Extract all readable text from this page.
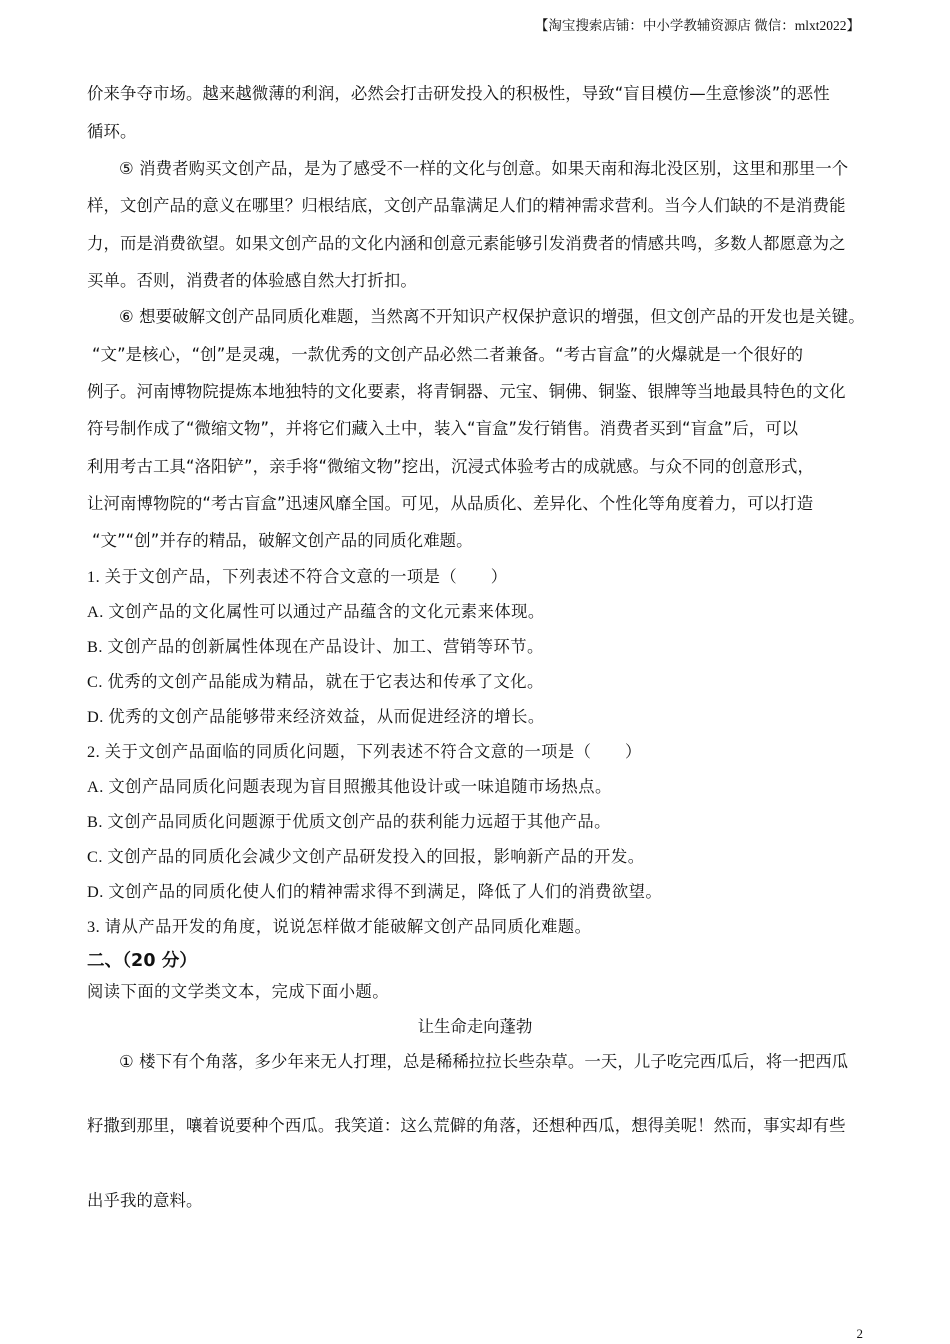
【淘宝搜索店铺：中小学教辅资源店 微信：mlxt2022】
价来争夺市场。越来越微薄的利润，必然会打击研发投入的积极性，导致“盲目模仿—生意惨淡”的恶性
循环。
⑤ 消费者购买文创产品，是为了感受不一样的文化与创意。如果天南和海北没区别，这里和那里一个
样，文创产品的意义在哪里？归根结底，文创产品靠满足人们的精神需求营利。当今人们缺的不是消费能
力，而是消费欲望。如果文创产品的文化内涵和创意元素能够引发消费者的情感共鸣，多数人都愿意为之
买单。否则，消费者的体验感自然大打折扣。
⑥ 想要破解文创产品同质化难题，当然离不开知识产权保护意识的增强，但文创产品的开发也是关键。
“文”是核心，“创”是灵魂，一款优秀的文创产品必然二者兼备。“考古盲盒”的火爆就是一个很好的
例子。河南博物院提炼本地独特的文化要素，将青铜器、元宝、铜佛、铜鉴、银牌等当地最具特色的文化
符号制作成了“微缩文物”，并将它们藏入土中，装入“盲盒”发行销售。消费者买到“盲盒”后，可以
利用考古工具“洛阳铲”，亲手将“微缩文物”挖出，沉浸式体验考古的成就感。与众不同的创意形式，
让河南博物院的“考古盲盒”迅速风靡全国。可见，从品质化、差异化、个性化等角度着力，可以打造
“文”“创”并存的精品，破解文创产品的同质化难题。
1. 关于文创产品，下列表述不符合文意的一项是（　　）
A. 文创产品的文化属性可以通过产品蕴含的文化元素来体现。
B. 文创产品的创新属性体现在产品设计、加工、营销等环节。
C. 优秀的文创产品能成为精品，就在于它表达和传承了文化。
D. 优秀的文创产品能够带来经济效益，从而促进经济的增长。
2. 关于文创产品面临的同质化问题，下列表述不符合文意的一项是（　　）
A. 文创产品同质化问题表现为盲目照搬其他设计或一味追随市场热点。
B. 文创产品同质化问题源于优质文创产品的获利能力远超于其他产品。
C. 文创产品的同质化会减少文创产品研发投入的回报，影响新产品的开发。
D. 文创产品的同质化使人们的精神需求得不到满足，降低了人们的消费欲望。
3. 请从产品开发的角度，说说怎样做才能破解文创产品同质化难题。
二、（20 分）
阅读下面的文学类文本，完成下面小题。
让生命走向蓬勃
① 楼下有个角落，多少年来无人打理，总是稀稀拉拉长些杂草。一天，儿子吃完西瓜后，将一把西瓜
籽撒到那里，嚷着说要种个西瓜。我笑道：这么荒僻的角落，还想种西瓜，想得美呢！然而，事实却有些
出乎我的意料。
2
